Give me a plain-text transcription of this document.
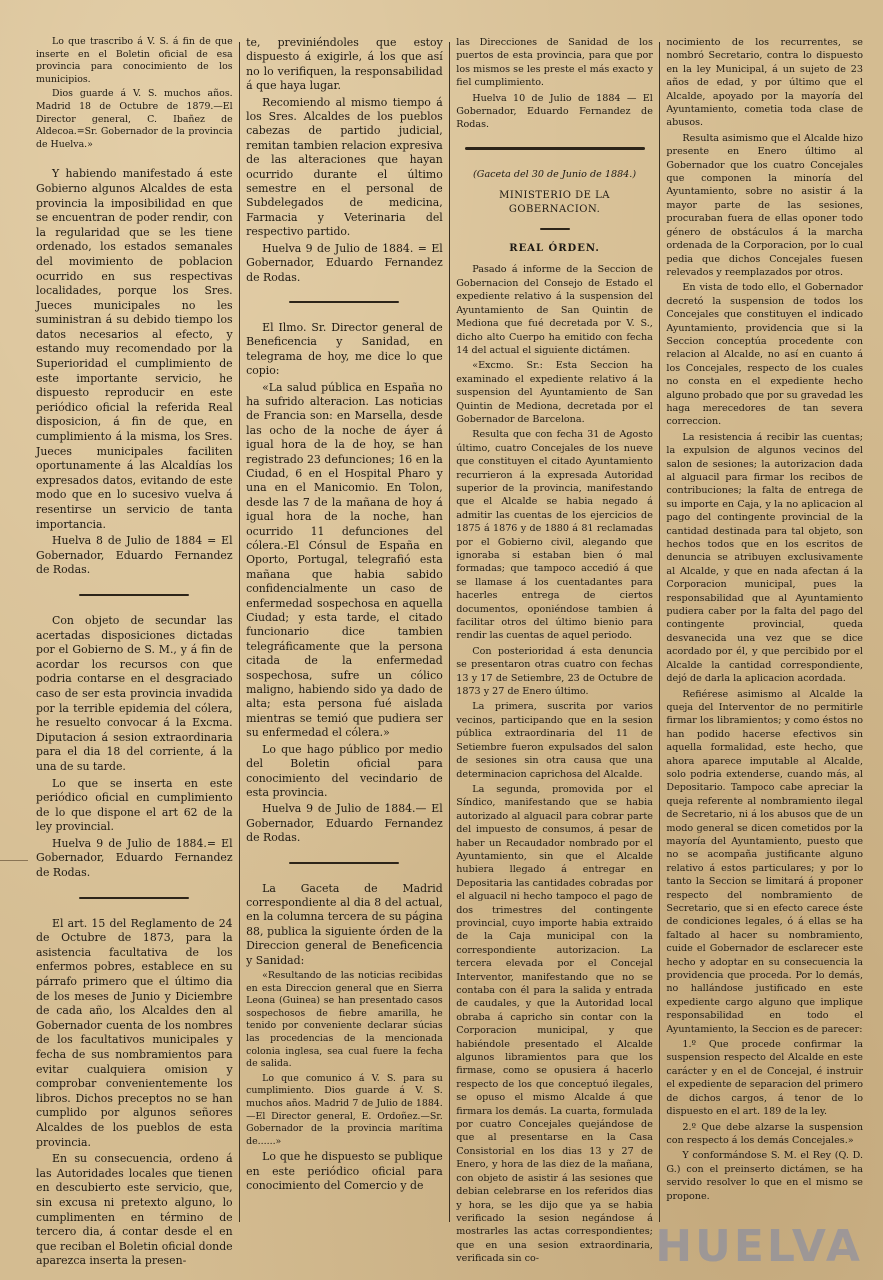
Lo que trascribo á V. S. á fin de que inserte en el Boletin oficial de esa provincia para conocimiento de los municipios.

Dios guarde á V. S. muchos años. Madrid 18 de Octubre de 1879.—El Director general, C. Ibañez de Aldecoa.=Sr. Gobernador de la provincia de Huelva.»

Y habiendo manifestado á este Gobierno algunos Alcaldes de esta provincia la imposibilidad en que se encuentran de poder rendir, con la regularidad que se les tiene ordenado, los estados semanales del movimiento de poblacion ocurrido en sus respectivas localidades, porque los Sres. Jueces municipales no les suministran á su debido tiempo los datos necesarios al efecto, y estando muy recomendado por la Superioridad el cumplimiento de este importante servicio, he dispuesto reproducir en este periódico oficial la referida Real disposicion, á fin de que, en cumplimiento á la misma, los Sres. Jueces municipales faciliten oportunamente á las Alcaldías los expresados datos, evitando de este modo que en lo sucesivo vuelva á resentirse un servicio de tanta importancia.

Huelva 8 de Julio de 1884 = El Gobernador, Eduardo Fernandez de Rodas.

Con objeto de secundar las acertadas disposiciones dictadas por el Gobierno de S. M., y á fin de acordar los recursos con que podria contarse en el desgraciado caso de ser esta provincia invadida por la terrible epidemia del cólera, he resuelto convocar á la Excma. Diputacion á sesion extraordinaria para el dia 18 del corriente, á la una de su tarde.

Lo que se inserta en este periódico oficial en cumplimiento de lo que dispone el art 62 de la ley provincial.

Huelva 9 de Julio de 1884.= El Gobernador, Eduardo Fernandez de Rodas.

El art. 15 del Reglamento de 24 de Octubre de 1873, para la asistencia facultativa de los enfermos pobres, establece en su párrafo primero que el último dia de los meses de Junio y Diciembre de cada año, los Alcaldes den al Gobernador cuenta de los nombres de los facultativos municipales y fecha de sus nombramientos para evitar cualquiera omision y comprobar convenientemente los libros. Dichos preceptos no se han cumplido por algunos señores Alcaldes de los pueblos de esta provincia.

En su consecuencia, ordeno á las Autoridades locales que tienen en descubierto este servicio, que, sin excusa ni pretexto alguno, lo cumplimenten en término de tercero dia, á contar desde el en que reciban el Boletin oficial donde aparezca inserta la presen-

te, previniéndoles que estoy dispuesto á exigirle, á los que así no lo verifiquen, la responsabilidad á que haya lugar.

Recomiendo al mismo tiempo á los Sres. Alcaldes de los pueblos cabezas de partido judicial, remitan tambien relacion expresiva de las alteraciones que hayan ocurrido durante el último semestre en el personal de Subdelegados de medicina, Farmacia y Veterinaria del respectivo partido.

Huelva 9 de Julio de 1884. = El Gobernador, Eduardo Fernandez de Rodas.

El Ilmo. Sr. Director general de Beneficencia y Sanidad, en telegrama de hoy, me dice lo que copio:

«La salud pública en España no ha sufrido alteracion. Las noticias de Francia son: en Marsella, desde las ocho de la noche de áyer á igual hora de la de hoy, se han registrado 23 defunciones; 16 en la Ciudad, 6 en el Hospital Pharo y una en el Manicomio. En Tolon, desde las 7 de la mañana de hoy á igual hora de la noche, han ocurrido 11 defunciones del cólera.-El Cónsul de España en Oporto, Portugal, telegrafió esta mañana que habia sabido confidencialmente un caso de enfermedad sospechosa en aquella Ciudad; y esta tarde, el citado funcionario dice tambien telegráficamente que la persona citada de la enfermedad sospechosa, sufre un cólico maligno, habiendo sido ya dado de alta; esta persona fué aislada mientras se temió que pudiera ser su enfermedad el cólera.»

Lo que hago público por medio del Boletin oficial para conocimiento del vecindario de esta provincia.

Huelva 9 de Julio de 1884.— El Gobernador, Eduardo Fernandez de Rodas.

La Gaceta de Madrid correspondiente al dia 8 del actual, en la columna tercera de su página 88, publica la siguiente órden de la Direccion general de Beneficencia y Sanidad:

«Resultando de las noticias recibidas en esta Direccion general que en Sierra Leona (Guinea) se han presentado casos sospechosos de fiebre amarilla, he tenido por conveniente declarar súcias las procedencias de la mencionada colonia inglesa, sea cual fuere la fecha de salida.

Lo que comunico á V. S. para su cumplimiento. Dios guarde á V. S. muchos años. Madrid 7 de Julio de 1884.—El Director general, E. Ordoñez.—Sr. Gobernador de la provincia marítima de......»

Lo que he dispuesto se publique en este periódico oficial para conocimiento del Comercio y de

las Direcciones de Sanidad de los puertos de esta provincia, para que por los mismos se les preste el más exacto y fiel cumplimiento.

Huelva 10 de Julio de 1884 — El Gobernador, Eduardo Fernandez de Rodas.

(Gaceta del 30 de Junio de 1884.)

MINISTERIO DE LA GOBERNACION.

REAL ÓRDEN.

Pasado á informe de la Seccion de Gobernacion del Consejo de Estado el expediente relativo á la suspension del Ayuntamiento de San Quintin de Mediona que fué decretada por V. S., dicho alto Cuerpo ha emitido con fecha 14 del actual el siguiente dictámen.

«Excmo. Sr.: Esta Seccion ha examinado el expediente relativo á la suspension del Ayuntamiento de San Quintin de Mediona, decretada por el Gobernador de Barcelona.

Resulta que con fecha 31 de Agosto último, cuatro Concejales de los nueve que constituyen el citado Ayuntamiento recurrieron á la expresada Autoridad superior de la provincia, manifestando que el Alcalde se habia negado á admitir las cuentas de los ejercicios de 1875 á 1876 y de 1880 á 81 reclamadas por el Gobierno civil, alegando que ignoraba si estaban bien ó mal formadas; que tampoco accedió á que se llamase á los cuentadantes para hacerles entrega de ciertos documentos, oponiéndose tambien á facilitar otros del último bienio para rendir las cuentas de aquel periodo.

Con posterioridad á esta denuncia se presentaron otras cuatro con fechas 13 y 17 de Setiembre, 23 de Octubre de 1873 y 27 de Enero último.

La primera, suscrita por varios vecinos, participando que en la sesion pública extraordinaria del 11 de Setiembre fueron expulsados del salon de sesiones sin otra causa que una determinacion caprichosa del Alcalde.

La segunda, promovida por el Síndico, manifestando que se habia autorizado al alguacil para cobrar parte del impuesto de consumos, á pesar de haber un Recaudador nombrado por el Ayuntamiento, sin que el Alcalde hubiera llegado á entregar en Depositaria las cantidades cobradas por el alguacil ni hecho tampoco el pago de dos trimestres del contingente provincial, cuyo importe habia extraido de la Caja municipal con la correspondiente autorizacion. La tercera elevada por el Concejal Interventor, manifestando que no se contaba con él para la salida y entrada de caudales, y que la Autoridad local obraba á capricho sin contar con la Corporacion municipal, y que habiéndole presentado el Alcalde algunos libramientos para que los firmase, como se opusiera á hacerlo respecto de los que conceptuó ilegales, se opuso el mismo Alcalde á que firmara los demás. La cuarta, formulada por cuatro Concejales quejándose de que al presentarse en la Casa Consistorial en los dias 13 y 27 de Enero, y hora de las diez de la mañana, con objeto de asistir á las sesiones que debian celebrarse en los referidos dias y hora, se les dijo que ya se habia verificado la sesion negándose á mostrarles las actas correspondientes; que en una sesion extraordinaria, verificada sin co-

nocimiento de los recurrentes, se nombró Secretario, contra lo dispuesto en la ley Municipal, á un sujeto de 23 años de edad, y por último que el Alcalde, apoyado por la mayoría del Ayuntamiento, cometia toda clase de abusos.

Resulta asimismo que el Alcalde hizo presente en Enero último al Gobernador que los cuatro Concejales que componen la minoría del Ayuntamiento, sobre no asistir á la mayor parte de las sesiones, procuraban fuera de ellas oponer todo género de obstáculos á la marcha ordenada de la Corporacion, por lo cual pedia que dichos Concejales fuesen relevados y reemplazados por otros.

En vista de todo ello, el Gobernador decretó la suspension de todos los Concejales que constituyen el indicado Ayuntamiento, providencia que si la Seccion conceptúa procedente con relacion al Alcalde, no así en cuanto á los Concejales, respecto de los cuales no consta en el expediente hecho alguno probado que por su gravedad les haga merecedores de tan severa correccion.

La resistencia á recibir las cuentas; la expulsion de algunos vecinos del salon de sesiones; la autorizacion dada al alguacil para firmar los recibos de contribuciones; la falta de entrega de su importe en Caja, y la no aplicacion al pago del contingente provincial de la cantidad destinada para tal objeto, son hechos todos que en los escritos de denuncia se atribuyen exclusivamente al Alcalde, y que en nada afectan á la Corporacion municipal, pues la responsabilidad que al Ayuntamiento pudiera caber por la falta del pago del contingente provincial, queda desvanecida una vez que se dice acordado por él, y que percibido por el Alcalde la cantidad correspondiente, dejó de darla la aplicacion acordada.

Refiérese asimismo al Alcalde la queja del Interventor de no permitirle firmar los libramientos; y como éstos no han podido hacerse efectivos sin aquella formalidad, este hecho, que ahora aparece imputable al Alcalde, solo podria extenderse, cuando más, al Depositario. Tampoco cabe apreciar la queja referente al nombramiento ilegal de Secretario, ni á los abusos que de un modo general se dicen cometidos por la mayoría del Ayuntamiento, puesto que no se acompaña justificante alguno relativo á estos particulares; y por lo tanto la Seccion se limitará á proponer respecto del nombramiento de Secretario, que si en efecto carece éste de condiciones legales, ó á ellas se ha faltado al hacer su nombramiento, cuide el Gobernador de esclarecer este hecho y adoptar en su consecuencia la providencia que proceda. Por lo demás, no hallándose justificado en este expediente cargo alguno que implique responsabilidad en todo el Ayuntamiento, la Seccion es de parecer:

1.º Que procede confirmar la suspension respecto del Alcalde en este carácter y en el de Concejal, é instruir el expediente de separacion del primero de dichos cargos, á tenor de lo dispuesto en el art. 189 de la ley.

2.º Que debe alzarse la suspension con respecto á los demás Concejales.»

Y conformándose S. M. el Rey (Q. D. G.) con el preinserto dictámen, se ha servido resolver lo que en el mismo se propone.

HUELVA
